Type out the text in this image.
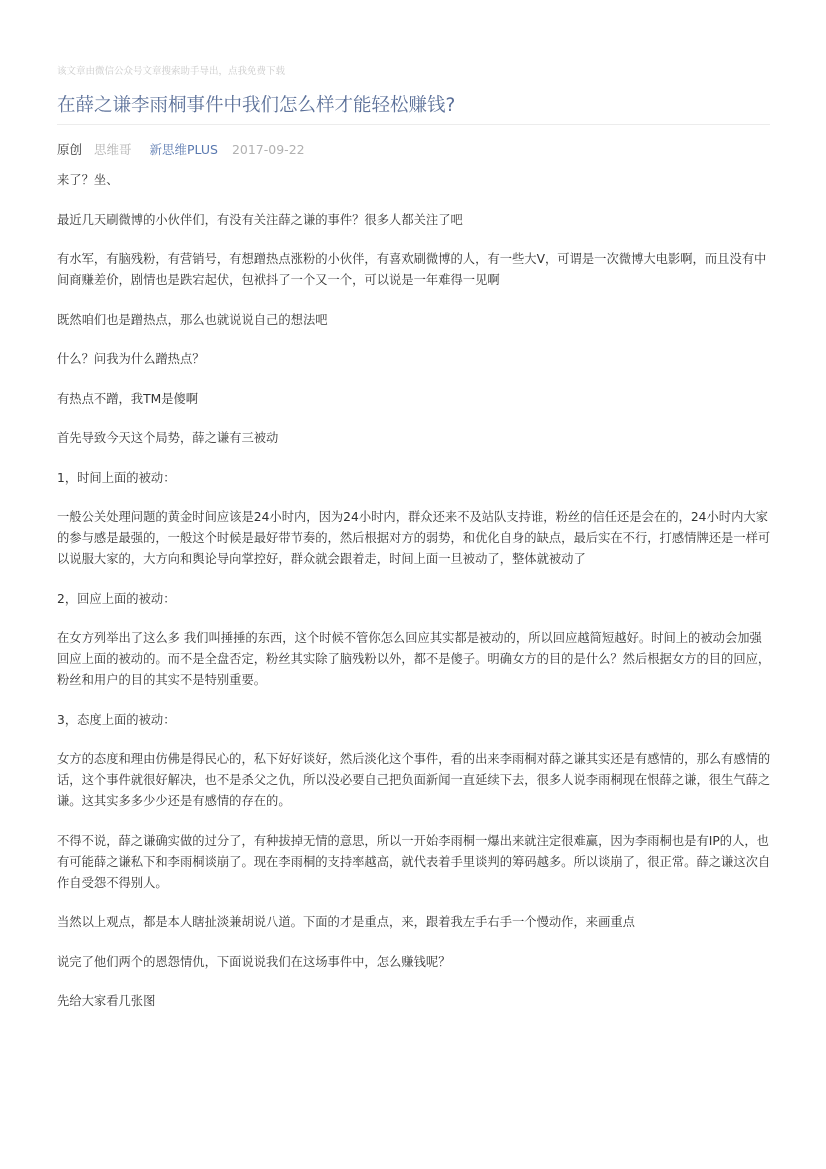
该文章由微信公众号文章搜索助手导出，点我免费下载
在薛之谦李雨桐事件中我们怎么样才能轻松赚钱?
原创 思维哥 新思维PLUS 2017-09-22

来了？坐、

最近几天刷微博的小伙伴们，有没有关注薛之谦的事件？很多人都关注了吧

有水军，有脑残粉，有营销号，有想蹭热点涨粉的小伙伴，有喜欢刷微博的人，有一些大V，可谓是一次微博大电影啊，而且没有中间商赚差价，剧情也是跌宕起伏，包袱抖了一个又一个，可以说是一年难得一见啊

既然咱们也是蹭热点，那么也就说说自己的想法吧

什么？问我为什么蹭热点？

有热点不蹭，我TM是傻啊

首先导致今天这个局势，薛之谦有三被动

1，时间上面的被动：

一般公关处理问题的黄金时间应该是24小时内，因为24小时内，群众还来不及站队支持谁，粉丝的信任还是会在的，24小时内大家的参与感是最强的，一般这个时候是最好带节奏的，然后根据对方的弱势，和优化自身的缺点，最后实在不行，打感情牌还是一样可以说服大家的，大方向和舆论导向掌控好，群众就会跟着走，时间上面一旦被动了，整体就被动了

2，回应上面的被动：

在女方列举出了这么多 我们叫捶捶的东西，这个时候不管你怎么回应其实都是被动的，所以回应越简短越好。时间上的被动会加强回应上面的被动的。而不是全盘否定，粉丝其实除了脑残粉以外，都不是傻子。明确女方的目的是什么？然后根据女方的目的回应，粉丝和用户的目的其实不是特别重要。

3，态度上面的被动：

女方的态度和理由仿佛是得民心的，私下好好谈好，然后淡化这个事件，看的出来李雨桐对薛之谦其实还是有感情的，那么有感情的话，这个事件就很好解决，也不是杀父之仇，所以没必要自己把负面新闻一直延续下去，很多人说李雨桐现在恨薛之谦，很生气薛之谦。这其实多多少少还是有感情的存在的。

不得不说，薛之谦确实做的过分了，有种拔掉无情的意思，所以一开始李雨桐一爆出来就注定很难赢，因为李雨桐也是有IP的人，也有可能薛之谦私下和李雨桐谈崩了。现在李雨桐的支持率越高，就代表着手里谈判的筹码越多。所以谈崩了，很正常。薛之谦这次自作自受怨不得别人。

当然以上观点，都是本人瞎扯淡兼胡说八道。下面的才是重点，来，跟着我左手右手一个慢动作，来画重点

说完了他们两个的恩怨情仇，下面说说我们在这场事件中，怎么赚钱呢？

先给大家看几张图
